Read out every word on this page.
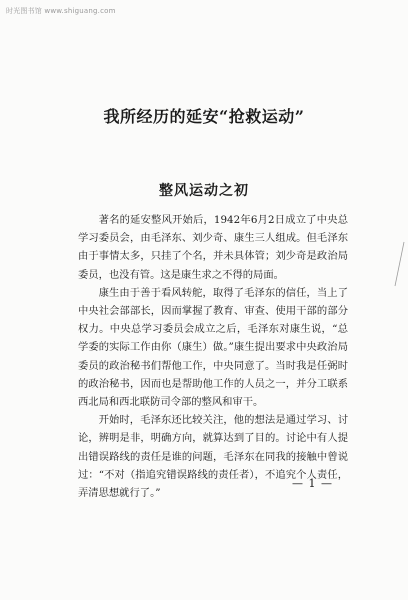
时光图书馆 www.shiguang.com
我所经历的延安“抢救运动”
整风运动之初

著名的延安整风开始后，1942年6月2日成立了中央总学习委员会，由毛泽东、刘少奇、康生三人组成。但毛泽东由于事情太多，只挂了个名，并未具体管；刘少奇是政治局委员，也没有管。这是康生求之不得的局面。

康生由于善于看风转舵，取得了毛泽东的信任，当上了中央社会部部长，因而掌握了教育、审查、使用干部的部分权力。中央总学习委员会成立之后，毛泽东对康生说，“总学委的实际工作由你（康生）做。”康生提出要求中央政治局委员的政治秘书们帮他工作，中央同意了。当时我是任弼时的政治秘书，因而也是帮助他工作的人员之一，并分工联系西北局和西北联防司令部的整风和审干。

开始时，毛泽东还比较关注，他的想法是通过学习、讨论，辨明是非，明确方向，就算达到了目的。讨论中有人提出错误路线的责任是谁的问题，毛泽东在同我的接触中曾说过：“不对（指追究错误路线的责任者），不追究个人责任，弄清思想就行了。”

— 1 —
